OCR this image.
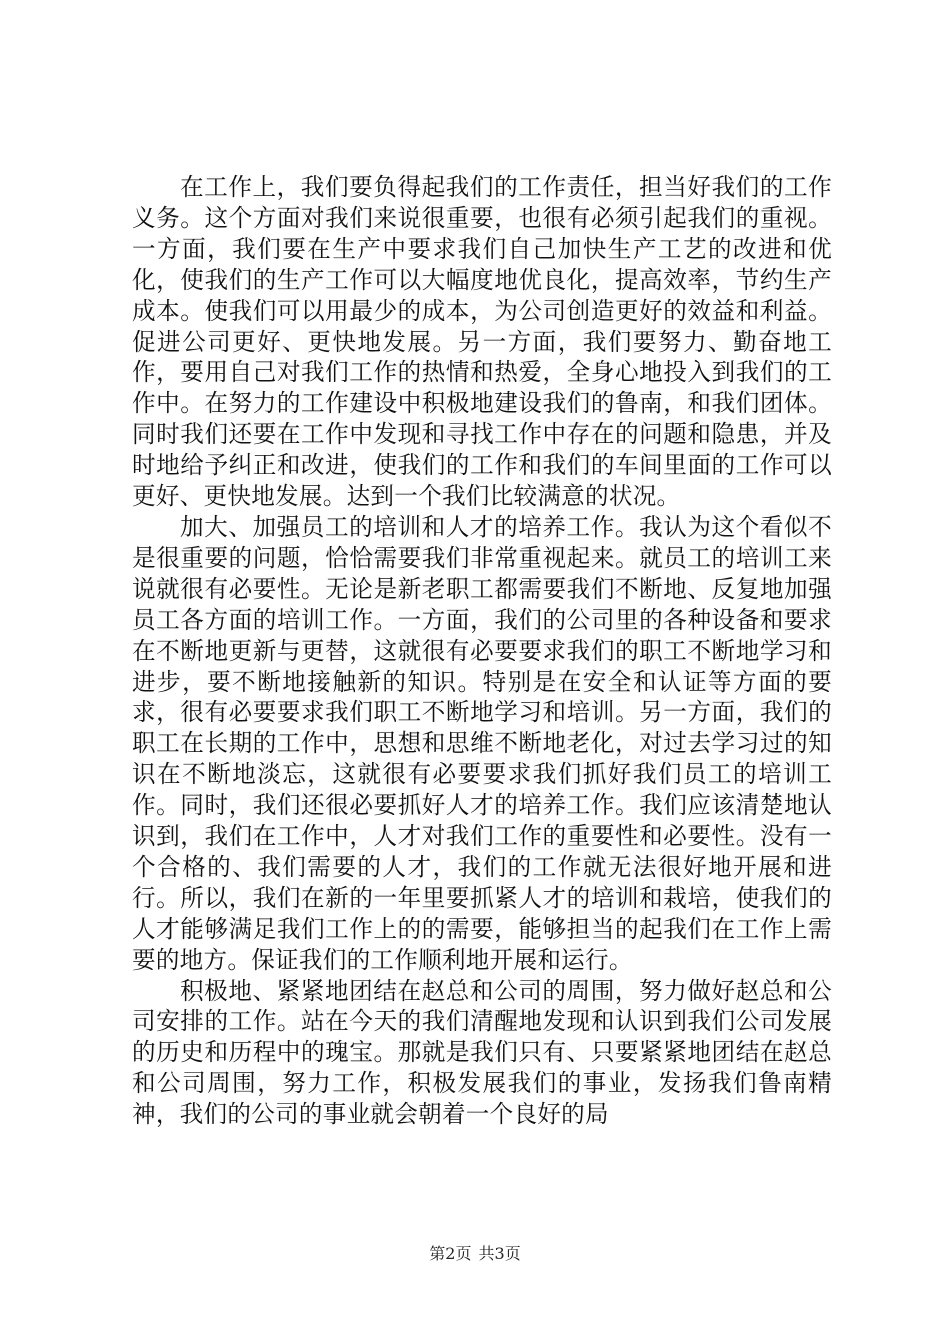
在工作上，我们要负得起我们的工作责任，担当好我们的工作义务。这个方面对我们来说很重要，也很有必须引起我们的重视。一方面，我们要在生产中要求我们自己加快生产工艺的改进和优化，使我们的生产工作可以大幅度地优良化，提高效率，节约生产成本。使我们可以用最少的成本，为公司创造更好的效益和利益。促进公司更好、更快地发展。另一方面，我们要努力、勤奋地工作，要用自己对我们工作的热情和热爱，全身心地投入到我们的工作中。在努力的工作建设中积极地建设我们的鲁南，和我们团体。同时我们还要在工作中发现和寻找工作中存在的问题和隐患，并及时地给予纠正和改进，使我们的工作和我们的车间里面的工作可以更好、更快地发展。达到一个我们比较满意的状况。

加大、加强员工的培训和人才的培养工作。我认为这个看似不是很重要的问题，恰恰需要我们非常重视起来。就员工的培训工来说就很有必要性。无论是新老职工都需要我们不断地、反复地加强员工各方面的培训工作。一方面，我们的公司里的各种设备和要求在不断地更新与更替，这就很有必要要求我们的职工不断地学习和进步，要不断地接触新的知识。特别是在安全和认证等方面的要求，很有必要要求我们职工不断地学习和培训。另一方面，我们的职工在长期的工作中，思想和思维不断地老化，对过去学习过的知识在不断地淡忘，这就很有必要要求我们抓好我们员工的培训工作。同时，我们还很必要抓好人才的培养工作。我们应该清楚地认识到，我们在工作中，人才对我们工作的重要性和必要性。没有一个合格的、我们需要的人才，我们的工作就无法很好地开展和进行。所以，我们在新的一年里要抓紧人才的培训和栽培，使我们的人才能够满足我们工作上的的需要，能够担当的起我们在工作上需要的地方。保证我们的工作顺利地开展和运行。

积极地、紧紧地团结在赵总和公司的周围，努力做好赵总和公司安排的工作。站在今天的我们清醒地发现和认识到我们公司发展的历史和历程中的瑰宝。那就是我们只有、只要紧紧地团结在赵总和公司周围，努力工作，积极发展我们的事业，发扬我们鲁南精神，我们的公司的事业就会朝着一个良好的局

第2页 共3页
